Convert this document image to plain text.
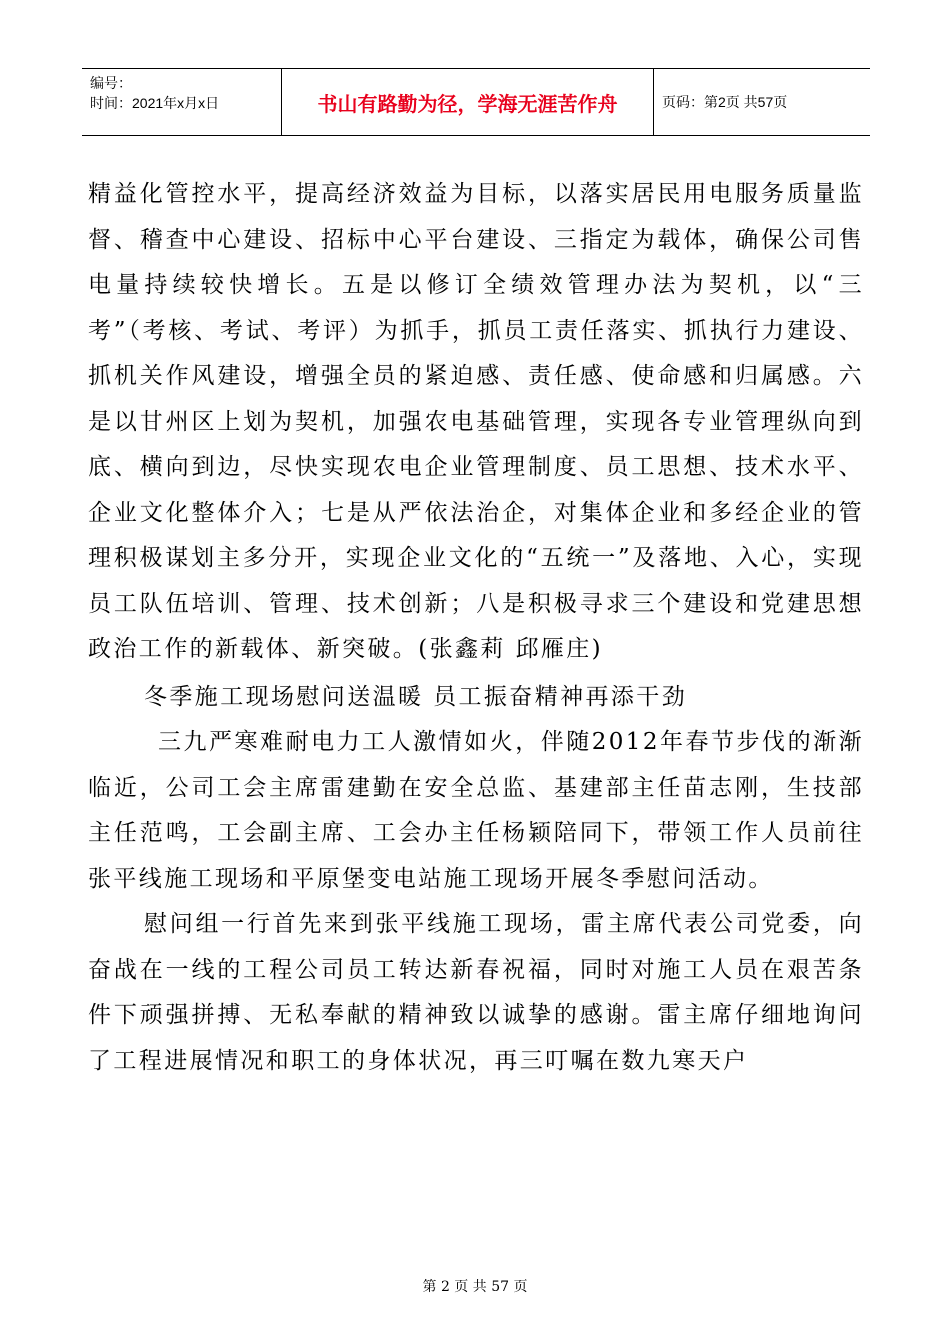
编号：
时间：2021年x月x日	书山有路勤为径，学海无涯苦作舟	页码：第2页 共57页

精益化管控水平，提高经济效益为目标，以落实居民用电服务质量监督、稽查中心建设、招标中心平台建设、三指定为载体，确保公司售电量持续较快增长。五是以修订全绩效管理办法为契机，以“三考”（考核、考试、考评）为抓手，抓员工责任落实、抓执行力建设、抓机关作风建设，增强全员的紧迫感、责任感、使命感和归属感。六是以甘州区上划为契机，加强农电基础管理，实现各专业管理纵向到底、横向到边，尽快实现农电企业管理制度、员工思想、技术水平、企业文化整体介入；七是从严依法治企，对集体企业和多经企业的管理积极谋划主多分开，实现企业文化的“五统一”及落地、入心，实现员工队伍培训、管理、技术创新；八是积极寻求三个建设和党建思想政治工作的新载体、新突破。(张鑫莉 邱雁庄)

冬季施工现场慰问送温暖 员工振奋精神再添干劲

三九严寒难耐电力工人激情如火，伴随2012年春节步伐的渐渐临近，公司工会主席雷建勤在安全总监、基建部主任苗志刚，生技部主任范鸣，工会副主席、工会办主任杨颖陪同下，带领工作人员前往张平线施工现场和平原堡变电站施工现场开展冬季慰问活动。

慰问组一行首先来到张平线施工现场，雷主席代表公司党委，向奋战在一线的工程公司员工转达新春祝福，同时对施工人员在艰苦条件下顽强拼搏、无私奉献的精神致以诚挚的感谢。雷主席仔细地询问了工程进展情况和职工的身体状况，再三叮嘱在数九寒天户

第 2 页 共 57 页
